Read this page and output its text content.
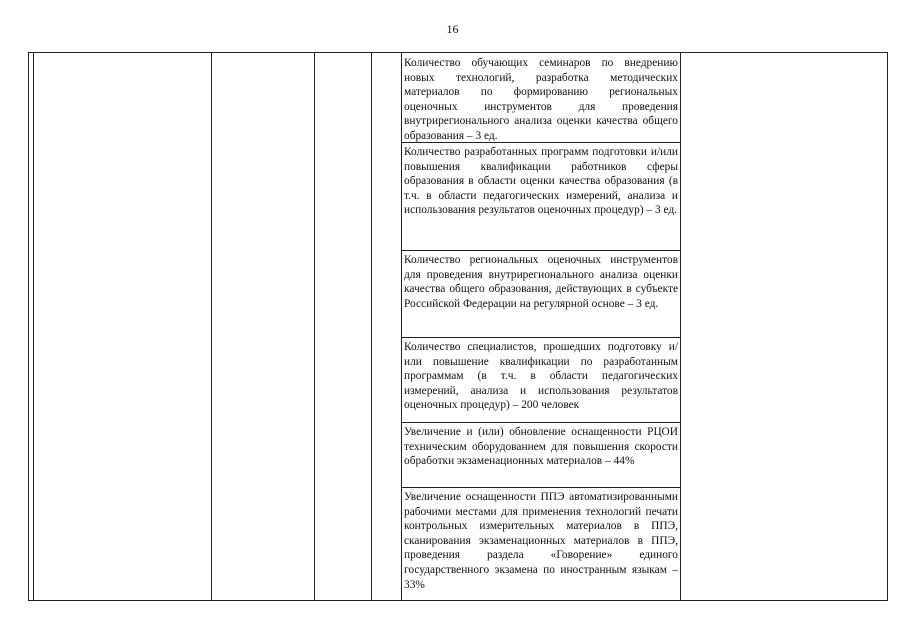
16
Количество обучающих семинаров по внедрению новых технологий, разработка методических материалов по формированию региональных оценочных инструментов для проведения внутрирегионального анализа оценки качества общего образования – 3 ед.
Количество разработанных программ подготовки и/или повышения квалификации работников сферы образования в области оценки качества образования (в т.ч. в области педагогических измерений, анализа и использования результатов оценочных процедур) – 3 ед.
Количество региональных оценочных инструментов для проведения внутрирегионального анализа оценки качества общего образования, действующих в субъекте Российской Федерации на регулярной основе – 3 ед.
Количество специалистов, прошедших подготовку и/или повышение квалификации по разработанным программам (в т.ч. в области педагогических измерений, анализа и использования результатов оценочных процедур) – 200 человек
Увеличение и (или) обновление оснащенности РЦОИ техническим оборудованием для повышения скорости обработки экзаменационных материалов – 44%
Увеличение оснащенности ППЭ автоматизированными рабочими местами для применения технологий печати контрольных измерительных материалов в ППЭ, сканирования экзаменационных материалов в ППЭ, проведения раздела «Говорение» единого государственного экзамена по иностранным языкам – 33%
